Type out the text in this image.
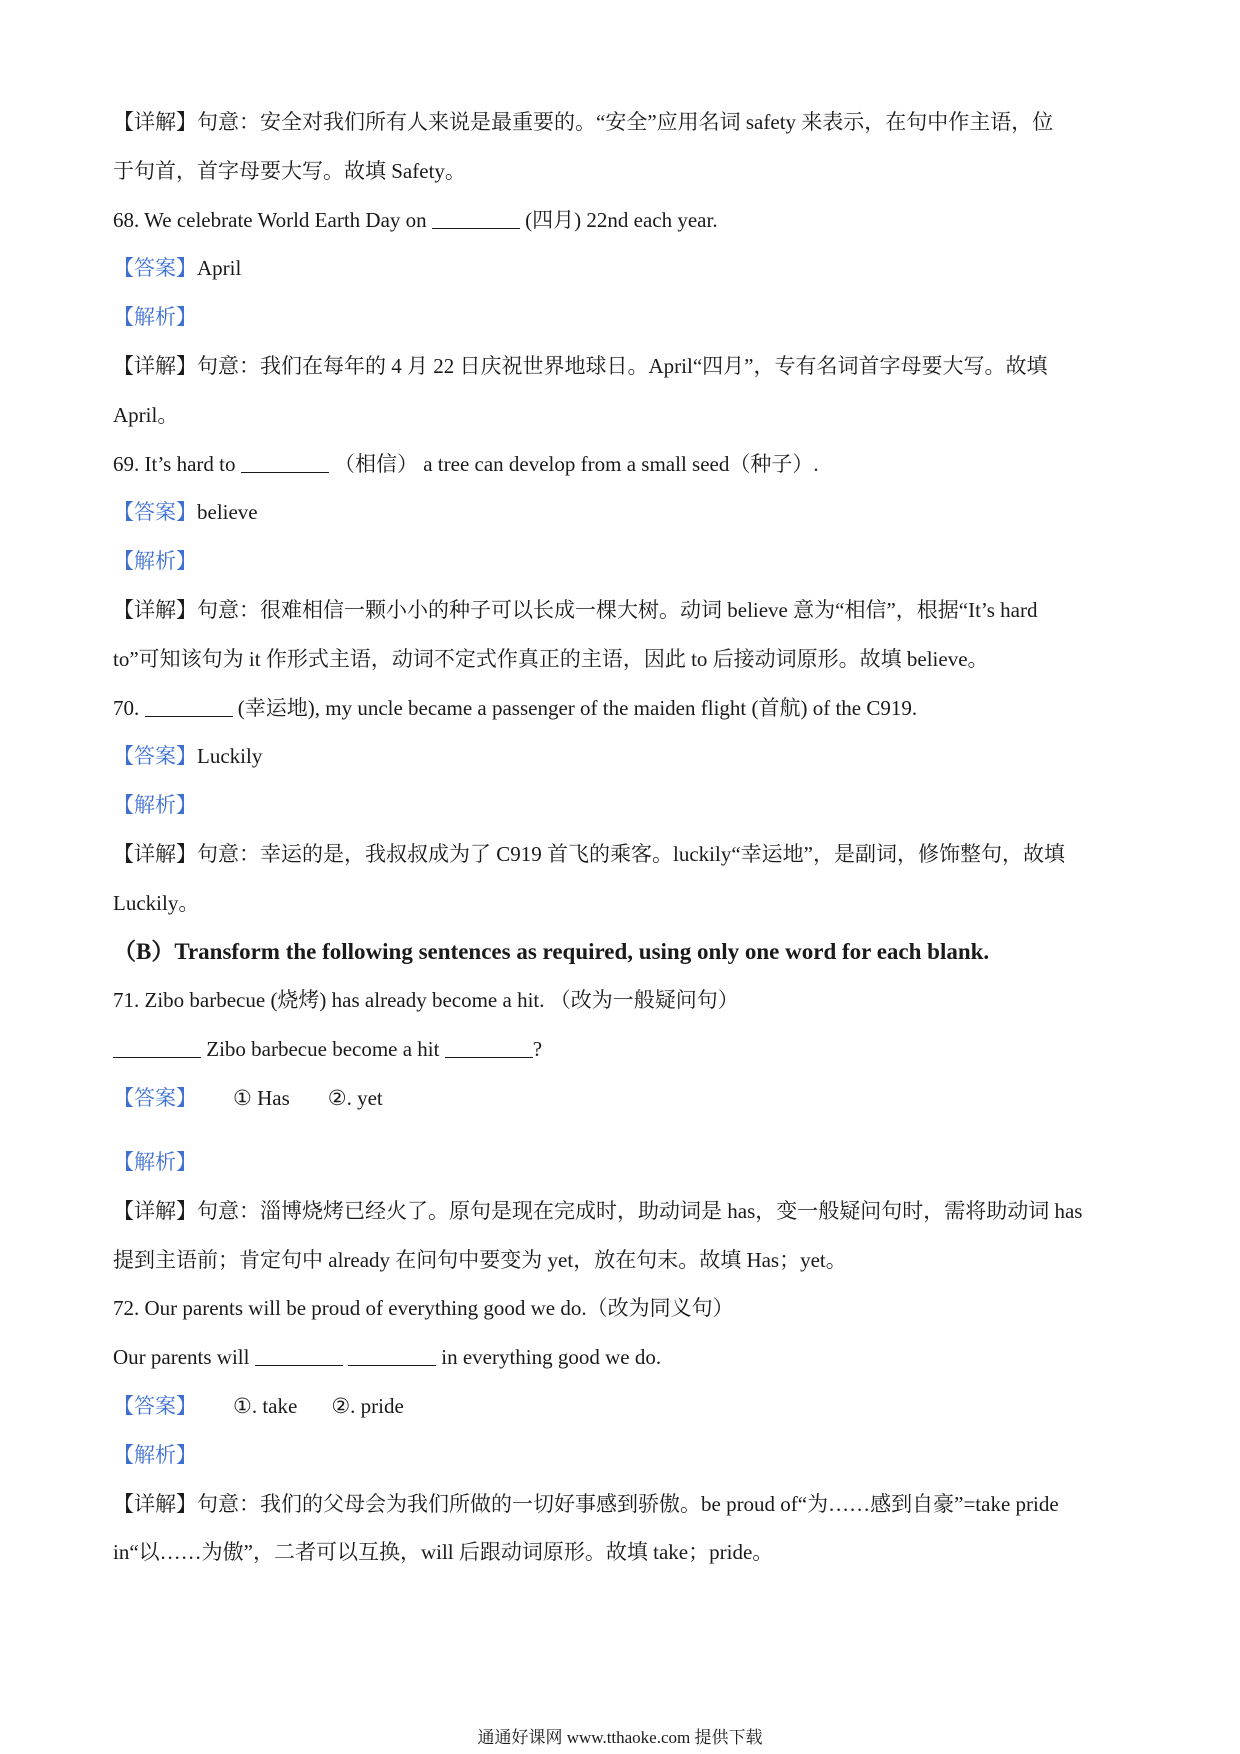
【详解】句意：安全对我们所有人来说是最重要的。“安全”应用名词 safety 来表示，在句中作主语，位
于句首，首字母要大写。故填 Safety。
68. We celebrate World Earth Day on	(四月) 22nd each year.
【答案】April
【解析】
【详解】句意：我们在每年的 4 月 22 日庆祝世界地球日。April“四月”，专有名词首字母要大写。故填
April。
69. It’s hard to	（相信） a tree can develop from a small seed（种子）.
【答案】believe
【解析】
【详解】句意：很难相信一颗小小的种子可以长成一棵大树。动词 believe 意为“相信”，根据“It’s hard
to”可知该句为 it 作形式主语，动词不定式作真正的主语，因此 to 后接动词原形。故填 believe。
70.	(幸运地), my uncle became a passenger of the maiden flight (首航) of the C919.
【答案】Luckily
【解析】
【详解】句意：幸运的是，我叔叔成为了 C919 首飞的乘客。luckily“幸运地”，是副词，修饰整句，故填
Luckily。
（B）Transform the following sentences as required, using only one word for each blank.
71. Zibo barbecue (烧烤) has already become a hit. （改为一般疑问句）
Zibo barbecue become a hit	?
【答案】 ① Has ②. yet
【解析】
【详解】句意：淄博烧烤已经火了。原句是现在完成时，助动词是 has，变一般疑问句时，需将助动词 has
提到主语前；肯定句中 already 在问句中要变为 yet，放在句末。故填 Has；yet。
72. Our parents will be proud of everything good we do.（改为同义句）
Our parents will	in everything good we do.
【答案】 ①. take ②. pride
【解析】
【详解】句意：我们的父母会为我们所做的一切好事感到骄傲。be proud of“为……感到自豪”=take pride
in“以……为傲”，二者可以互换，will 后跟动词原形。故填 take；pride。
通通好课网 www.tthaoke.com 提供下载
